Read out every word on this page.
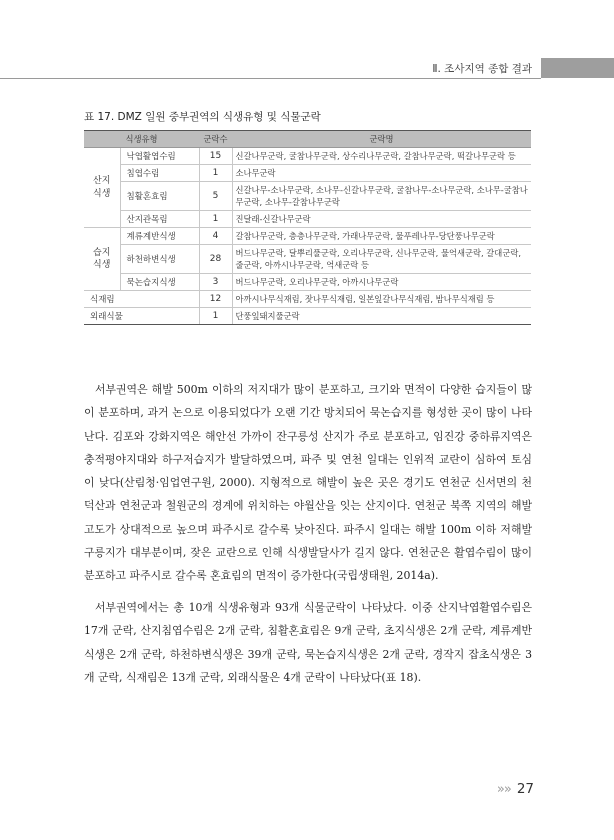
Ⅱ. 조사지역 종합 결과
표 17. DMZ 일원 중부권역의 식생유형 및 식물군락
식생유형		군락수	군락명
산지
식생	낙엽활엽수림	15	신갈나무군락, 굴참나무군락, 상수리나무군락, 갈참나무군락, 떡갈나무군락 등
	침엽수림	1	소나무군락
	침활혼효림	5	신갈나무-소나무군락, 소나무-신갈나무군락, 굴참나무-소나무군락, 소나무-굴참나무군락, 소나무-갈참나무군락
	산지관목림	1	진달래-신갈나무군락
습지
식생	계류계반식생	4	갈참나무군락, 층층나무군락, 가래나무군락, 물푸레나무-당단풍나무군락
	하천하변식생	28	버드나무군락, 달뿌리풀군락, 오리나무군락, 신나무군락, 물억새군락, 갈대군락, 줄군락, 아까시나무군락, 억새군락 등
	묵논습지식생	3	버드나무군락, 오리나무군락, 아까시나무군락
식재림		12	아까시나무식재림, 잣나무식재림, 일본잎갈나무식재림, 밤나무식재림 등
외래식물		1	단풍잎돼지풀군락

서부권역은 해발 500m 이하의 저지대가 많이 분포하고, 크기와 면적이 다양한 습지들이 많이 분포하며, 과거 논으로 이용되었다가 오랜 기간 방치되어 묵논습지를 형성한 곳이 많이 나타난다. 김포와 강화지역은 해안선 가까이 잔구릉성 산지가 주로 분포하고, 임진강 중하류지역은 충적평야지대와 하구저습지가 발달하였으며, 파주 및 연천 일대는 인위적 교란이 심하여 토심이 낮다(산림청·임업연구원, 2000). 지형적으로 해발이 높은 곳은 경기도 연천군 신서면의 천덕산과 연천군과 철원군의 경계에 위치하는 야월산을 잇는 산지이다. 연천군 북쪽 지역의 해발고도가 상대적으로 높으며 파주시로 갈수록 낮아진다. 파주시 일대는 해발 100m 이하 저해발 구릉지가 대부분이며, 잦은 교란으로 인해 식생발달사가 길지 않다. 연천군은 활엽수림이 많이 분포하고 파주시로 갈수록 혼효림의 면적이 증가한다(국립생태원, 2014a).

서부권역에서는 총 10개 식생유형과 93개 식물군락이 나타났다. 이중 산지낙엽활엽수림은 17개 군락, 산지침엽수림은 2개 군락, 침활혼효림은 9개 군락, 초지식생은 2개 군락, 계류계반식생은 2개 군락, 하천하변식생은 39개 군락, 묵논습지식생은 2개 군락, 경작지 잡초식생은 3개 군락, 식재림은 13개 군락, 외래식물은 4개 군락이 나타났다(표 18).

»» 27
